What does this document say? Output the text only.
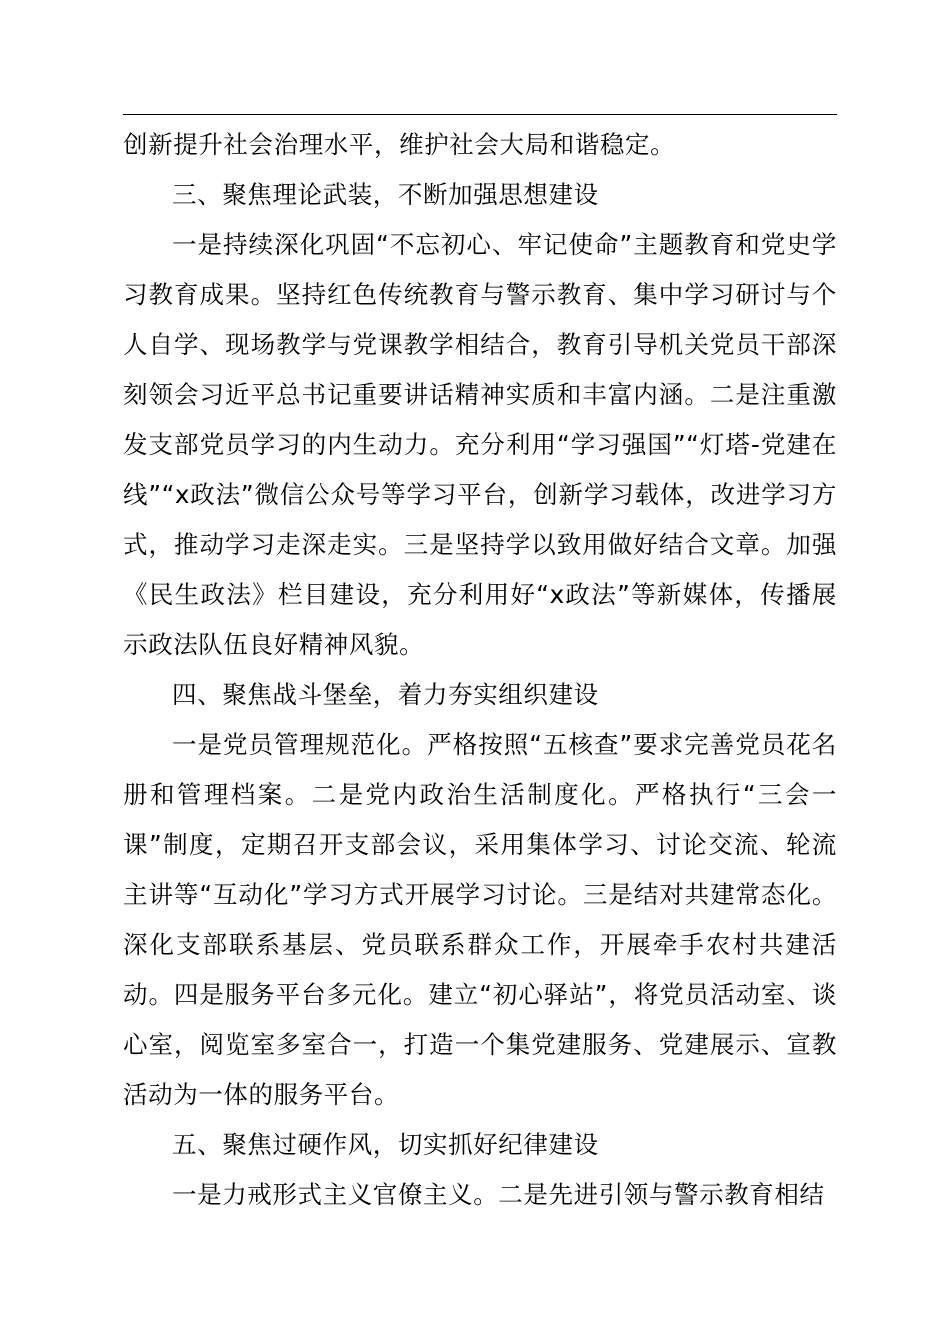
创新提升社会治理水平，维护社会大局和谐稳定。

三、聚焦理论武装，不断加强思想建设

一是持续深化巩固“不忘初心、牢记使命”主题教育和党史学习教育成果。坚持红色传统教育与警示教育、集中学习研讨与个人自学、现场教学与党课教学相结合，教育引导机关党员干部深刻领会习近平总书记重要讲话精神实质和丰富内涵。二是注重激发支部党员学习的内生动力。充分利用“学习强国”“灯塔-党建在线”“x政法”微信公众号等学习平台，创新学习载体，改进学习方式，推动学习走深走实。三是坚持学以致用做好结合文章。加强《民生政法》栏目建设，充分利用好“x政法”等新媒体，传播展示政法队伍良好精神风貌。

四、聚焦战斗堡垒，着力夯实组织建设

一是党员管理规范化。严格按照“五核查”要求完善党员花名册和管理档案。二是党内政治生活制度化。严格执行“三会一课”制度，定期召开支部会议，采用集体学习、讨论交流、轮流主讲等“互动化”学习方式开展学习讨论。三是结对共建常态化。深化支部联系基层、党员联系群众工作，开展牵手农村共建活动。四是服务平台多元化。建立“初心驿站”，将党员活动室、谈心室，阅览室多室合一，打造一个集党建服务、党建展示、宣教活动为一体的服务平台。

五、聚焦过硬作风，切实抓好纪律建设

一是力戒形式主义官僚主义。二是先进引领与警示教育相结
